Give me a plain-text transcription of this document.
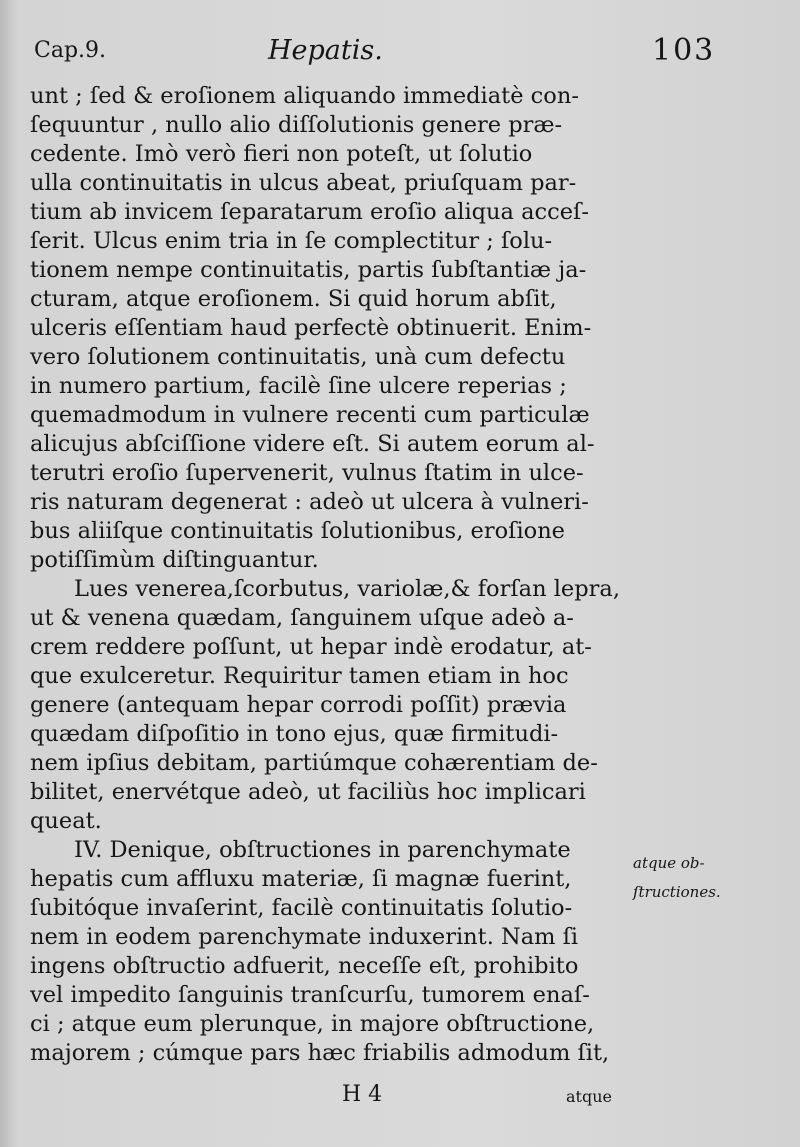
Cap.9.	Hepatis.	103
unt ; ſed & eroſionem aliquando immediatè con-
ſequuntur , nullo alio diſſolutionis genere præ-
cedente. Imò verò fieri non poteſt, ut ſolutio
ulla continuitatis in ulcus abeat, priuſquam par-
tium ab invicem ſeparatarum eroſio aliqua acceſ-
ſerit. Ulcus enim tria in ſe complectitur ; ſolu-
tionem nempe continuitatis, partis ſubſtantiæ ja-
cturam, atque eroſionem. Si quid horum abſit,
ulceris eſſentiam haud perfectè obtinuerit. Enim-
vero ſolutionem continuitatis, unà cum defectu
in numero partium, facilè ſine ulcere reperias ;
quemadmodum in vulnere recenti cum particulæ
alicujus abſciſſione videre eſt. Si autem eorum al-
terutri eroſio ſupervenerit, vulnus ſtatim in ulce-
ris naturam degenerat : adeò ut ulcera à vulneri-
bus aliiſque continuitatis ſolutionibus, eroſione
potiſſimùm diſtinguantur.
Lues venerea,ſcorbutus, variolæ,& forſan lepra,
ut & venena quædam, ſanguinem uſque adeò a-
crem reddere poſſunt, ut hepar indè erodatur, at-
que exulceretur. Requiritur tamen etiam in hoc
genere (antequam hepar corrodi poſſit) prævia
quædam diſpoſitio in tono ejus, quæ firmitudi-
nem ipſius debitam, partiúmque cohærentiam de-
bilitet, enervétque adeò, ut faciliùs hoc implicari
queat.
IV. Denique, obſtructiones in parenchymate
hepatis cum affluxu materiæ, ſi magnæ fuerint,
ſubitóque invaſerint, facilè continuitatis ſolutio-
nem in eodem parenchymate induxerint. Nam ſi
ingens obſtructio adfuerit, neceſſe eſt, prohibito
vel impedito ſanguinis tranſcurſu, tumorem enaſ-
ci ; atque eum plerunque, in majore obſtructione,
majorem ; cúmque pars hæc friabilis admodum ſit,
atque ob-
ſtructiones.
H 4	atque
